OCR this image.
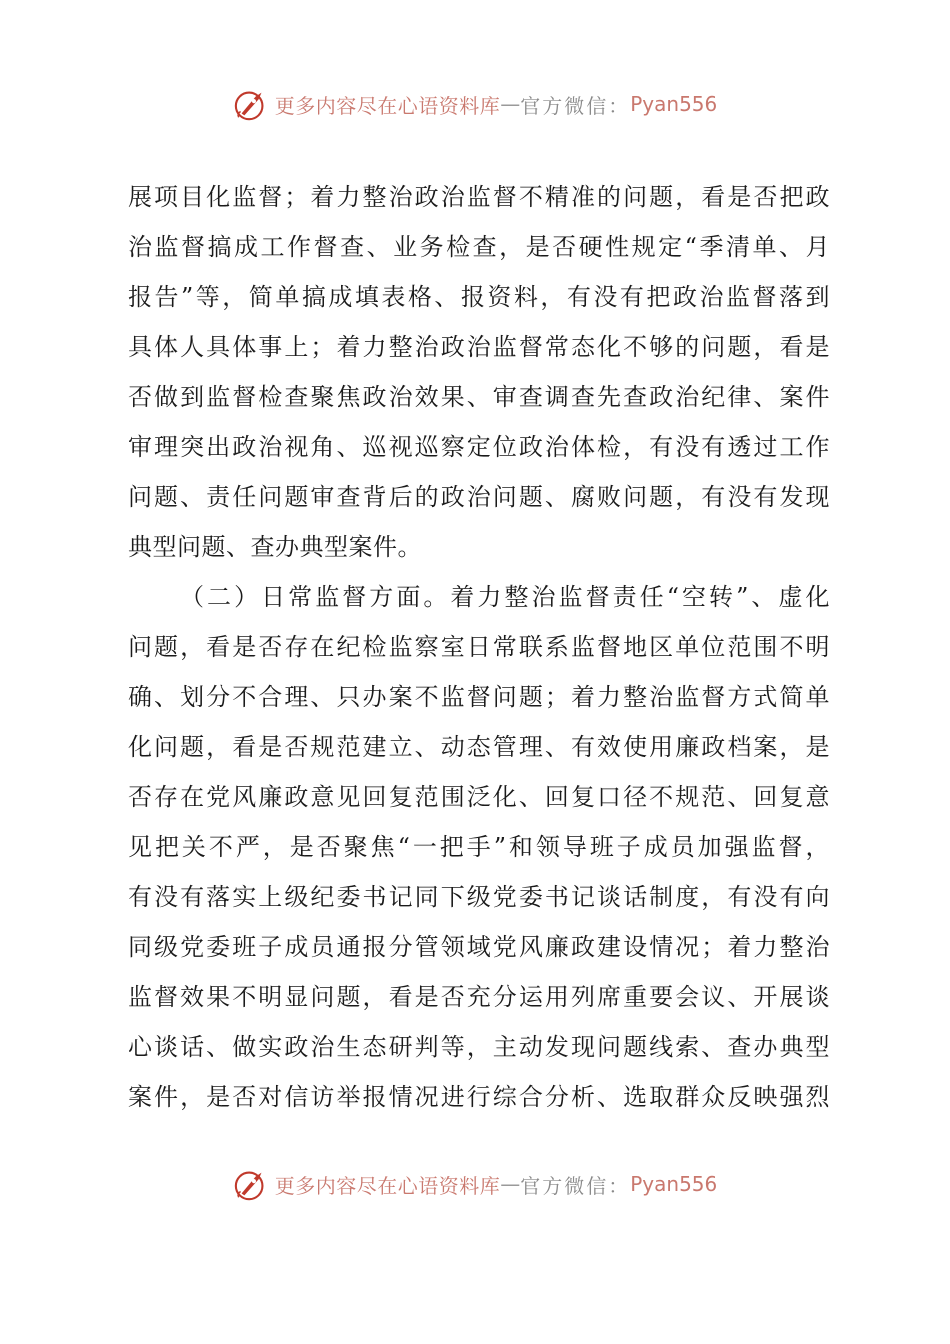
更多内容尽在心语资料库 — 官方微信： Pyan556
展项目化监督；着力整治政治监督不精准的问题，看是否把政
治监督搞成工作督查、业务检查，是否硬性规定“季清单、月
报告”等，简单搞成填表格、报资料，有没有把政治监督落到
具体人具体事上；着力整治政治监督常态化不够的问题，看是
否做到监督检查聚焦政治效果、审查调查先查政治纪律、案件
审理突出政治视角、巡视巡察定位政治体检，有没有透过工作
问题、责任问题审查背后的政治问题、腐败问题，有没有发现
典型问题、查办典型案件。
（二）日常监督方面。着力整治监督责任“空转”、虚化
问题，看是否存在纪检监察室日常联系监督地区单位范围不明
确、划分不合理、只办案不监督问题；着力整治监督方式简单
化问题，看是否规范建立、动态管理、有效使用廉政档案，是
否存在党风廉政意见回复范围泛化、回复口径不规范、回复意
见把关不严，是否聚焦“一把手”和领导班子成员加强监督，
有没有落实上级纪委书记同下级党委书记谈话制度，有没有向
同级党委班子成员通报分管领域党风廉政建设情况；着力整治
监督效果不明显问题，看是否充分运用列席重要会议、开展谈
心谈话、做实政治生态研判等，主动发现问题线索、查办典型
案件，是否对信访举报情况进行综合分析、选取群众反映强烈
更多内容尽在心语资料库 — 官方微信： Pyan556
